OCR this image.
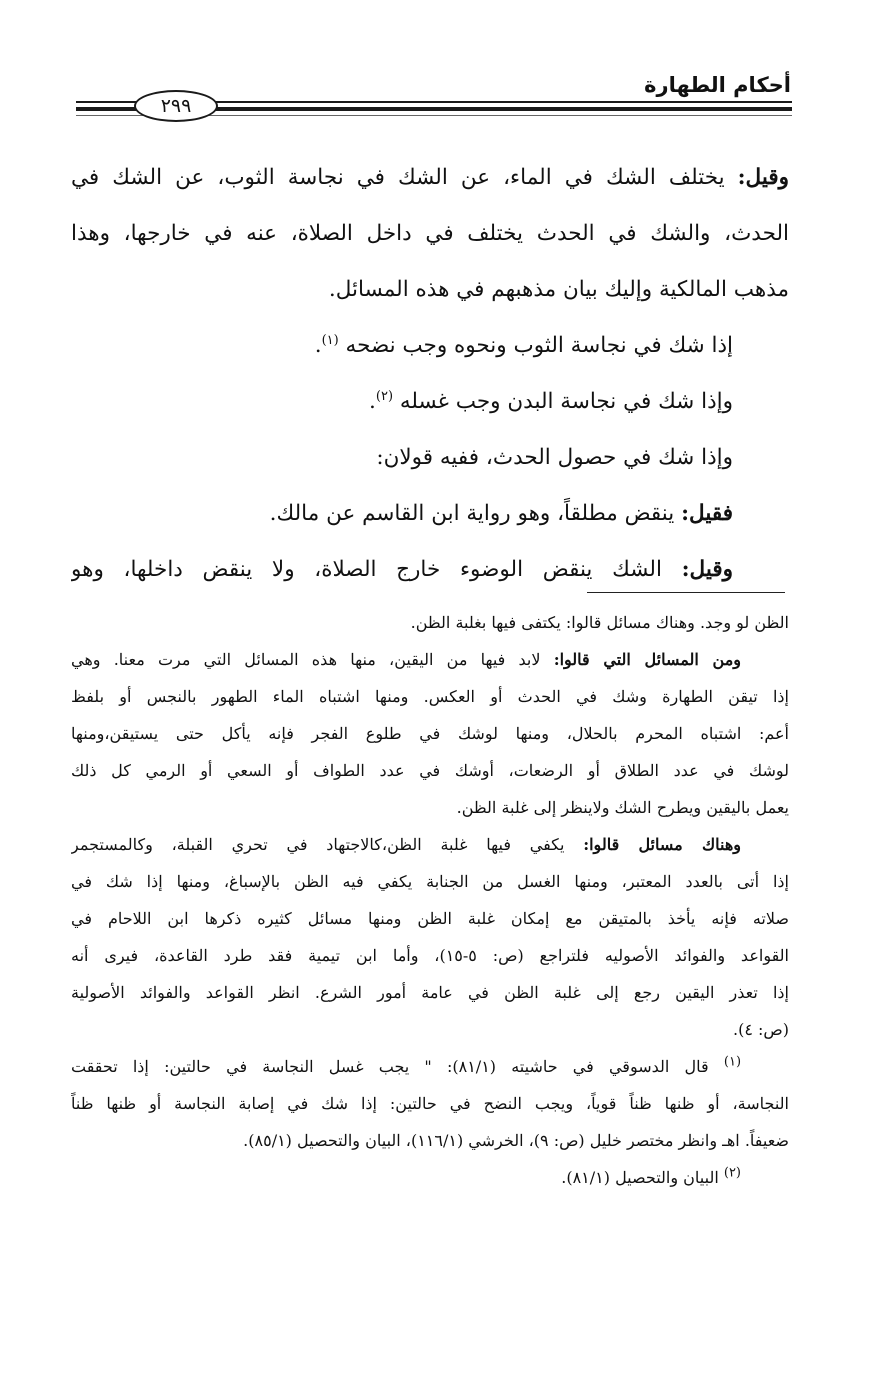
أحكام الطهارة
٢٩٩

وقيل: يختلف الشك في الماء، عن الشك في نجاسة الثوب، عن الشك في

الحدث، والشك في الحدث يختلف في داخل الصلاة، عنه في خارجها، وهذا

مذهب المالكية وإليك بيان مذهبهم في هذه المسائل.

إذا شك في نجاسة الثوب ونحوه وجب نضحه $^{(١)}$.

وإذا شك في نجاسة البدن وجب غسله $^{(٢)}$.

وإذا شك في حصول الحدث، ففيه قولان:

فقيل: ينقض مطلقاً، وهو رواية ابن القاسم عن مالك.

وقيل: الشك ينقض الوضوء خارج الصلاة، ولا ينقض داخلها، وهو

الظن لو وجد. وهناك مسائل قالوا: يكتفى فيها بغلبة الظن.

ومن المسائل التي قالوا: لابد فيها من اليقين، منها هذه المسائل التي مرت معنا. وهي

إذا تيقن الطهارة وشك في الحدث أو العكس. ومنها اشتباه الماء الطهور بالنجس أو بلفظ

أعم: اشتباه المحرم بالحلال، ومنها لوشك في طلوع الفجر فإنه يأكل حتى يستيقن،ومنها

لوشك في عدد الطلاق أو الرضعات، أوشك في عدد الطواف أو السعي أو الرمي كل ذلك

يعمل باليقين ويطرح الشك ولاينظر إلى غلبة الظن.

وهناك مسائل قالوا: يكفي فيها غلبة الظن،كالاجتهاد في تحري القبلة، وكالمستجمر

إذا أتى بالعدد المعتبر، ومنها الغسل من الجنابة يكفي فيه الظن بالإسباغ، ومنها إذا شك في

صلاته فإنه يأخذ بالمتيقن مع إمكان غلبة الظن ومنها مسائل كثيره ذكرها ابن اللاحام في

القواعد والفوائد الأصوليه فلتراجع (ص: ٥-١٥)، وأما ابن تيمية فقد طرد القاعدة، فيرى أنه

إذا تعذر اليقين رجع إلى غلبة الظن في عامة أمور الشرع. انظر القواعد والفوائد الأصولية

(ص: ٤).

$^{(١)}$ قال الدسوقي في حاشيته (٨١/١): " يجب غسل النجاسة في حالتين: إذا تحققت

النجاسة، أو ظنها ظناً قوياً، ويجب النضح في حالتين: إذا شك في إصابة النجاسة أو ظنها ظناً

ضعيفاً. اهـ وانظر مختصر خليل (ص: ٩)، الخرشي (١١٦/١)، البيان والتحصيل (٨٥/١).

$^{(٢)}$ البيان والتحصيل (٨١/١).
